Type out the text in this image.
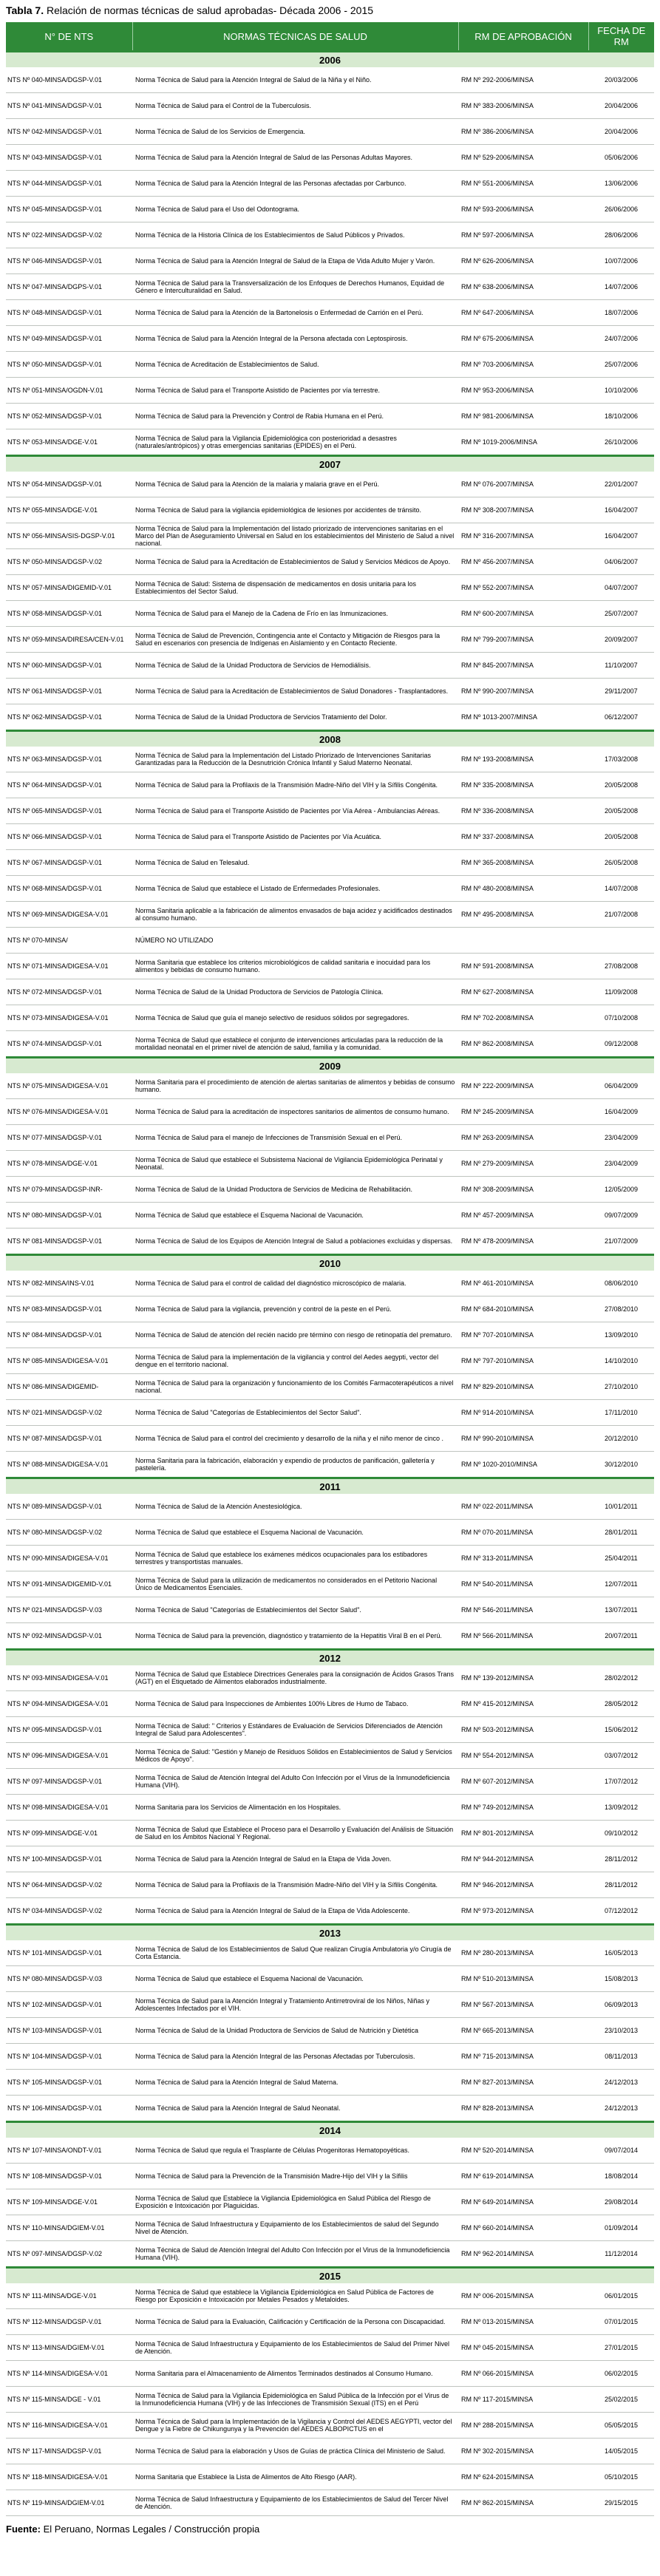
Tabla 7. Relación de normas técnicas de salud aprobadas- Década 2006 - 2015
N° DE NTS	NORMAS TÉCNICAS DE SALUD	RM DE APROBACIÓN	FECHA DE RM
2006			
NTS Nº 040-MINSA/DGSP-V.01	Norma Técnica de Salud para la Atención Integral de Salud de la Niña y el Niño.	RM Nº 292-2006/MINSA	20/03/2006
NTS Nº 041-MINSA/DGSP-V.01	Norma Técnica de Salud para el Control de la Tuberculosis.	RM Nº 383-2006/MINSA	20/04/2006
NTS Nº 042-MINSA/DGSP-V.01	Norma Técnica de Salud de los Servicios de Emergencia.	RM Nº 386-2006/MINSA	20/04/2006
NTS Nº 043-MINSA/DGSP-V.01	Norma Técnica de Salud para la Atención Integral de Salud de las Personas Adultas Mayores.	RM Nº 529-2006/MINSA	05/06/2006
NTS Nº 044-MINSA/DGSP-V.01	Norma Técnica de Salud para la Atención Integral de las Personas afectadas por Carbunco.	RM Nº 551-2006/MINSA	13/06/2006
NTS Nº 045-MINSA/DGSP-V.01	Norma Técnica de Salud para el Uso del Odontograma.	RM Nº 593-2006/MINSA	26/06/2006
NTS Nº 022-MINSA/DGSP-V.02	Norma Técnica de la Historia Clínica de los Establecimientos de Salud Públicos y Privados.	RM Nº 597-2006/MINSA	28/06/2006
NTS Nº 046-MINSA/DGSP-V.01	Norma Técnica de Salud para la Atención Integral de Salud de la Etapa de Vida Adulto Mujer y Varón.	RM Nº 626-2006/MINSA	10/07/2006
NTS Nº 047-MINSA/DGPS-V.01	Norma Técnica de Salud para la Transversalización de los Enfoques de Derechos Humanos, Equidad de Género e Interculturalidad en Salud.	RM Nº 638-2006/MINSA	14/07/2006
NTS Nº 048-MINSA/DGSP-V.01	Norma Técnica de Salud para la Atención de la Bartonelosis o Enfermedad de Carrión en el Perú.	RM Nº 647-2006/MINSA	18/07/2006
NTS Nº 049-MINSA/DGSP-V.01	Norma Técnica de Salud para la Atención Integral de la Persona afectada con Leptospirosis.	RM Nº 675-2006/MINSA	24/07/2006
NTS Nº 050-MINSA/DGSP-V.01	Norma Técnica de Acreditación de Establecimientos de Salud.	RM Nº 703-2006/MINSA	25/07/2006
NTS Nº 051-MINSA/OGDN-V.01	Norma Técnica de Salud para el Transporte Asistido de Pacientes por vía terrestre.	RM Nº 953-2006/MINSA	10/10/2006
NTS Nº 052-MINSA/DGSP-V.01	Norma Técnica de Salud para la Prevención y Control de Rabia Humana en el Perú.	RM Nº 981-2006/MINSA	18/10/2006
NTS Nº 053-MINSA/DGE-V.01	Norma Técnica de Salud para la Vigilancia Epidemiológica con posterioridad a desastres (naturales/antrópicos) y otras emergencias sanitarias (EPIDES) en el Perú.	RM Nº 1019-2006/MINSA	26/10/2006
2007			
NTS Nº 054-MINSA/DGSP-V.01	Norma Técnica de Salud para la Atención de la malaria y malaria grave en el Perú.	RM Nº 076-2007/MINSA	22/01/2007
NTS Nº 055-MINSA/DGE-V.01	Norma Técnica de Salud para la vigilancia epidemiológica de lesiones por accidentes de tránsito.	RM Nº 308-2007/MINSA	16/04/2007
NTS Nº 056-MINSA/SIS-DGSP-V.01	Norma Técnica de Salud para la Implementación del listado priorizado de intervenciones sanitarias en el Marco del Plan de Aseguramiento Universal en Salud en los establecimientos del Ministerio de Salud a nivel nacional.	RM Nº 316-2007/MINSA	16/04/2007
NTS Nº 050-MINSA/DGSP-V.02	Norma Técnica de Salud para la Acreditación de Establecimientos de Salud y Servicios Médicos de Apoyo.	RM Nº 456-2007/MINSA	04/06/2007
NTS Nº 057-MINSA/DIGEMID-V.01	Norma Técnica de Salud: Sistema de dispensación de medicamentos en dosis unitaria para los Establecimientos del Sector Salud.	RM Nº 552-2007/MINSA	04/07/2007
NTS Nº 058-MINSA/DGSP-V.01	Norma Técnica de Salud para el Manejo de la Cadena de Frío en las Inmunizaciones.	RM Nº 600-2007/MINSA	25/07/2007
NTS Nº 059-MINSA/DIRESA/CEN-V.01	Norma Técnica de Salud de Prevención, Contingencia ante el Contacto y Mitigación de Riesgos para la Salud en escenarios con presencia de Indígenas en Aislamiento y en Contacto Reciente.	RM Nº 799-2007/MINSA	20/09/2007
NTS Nº 060-MINSA/DGSP-V.01	Norma Técnica de Salud de la Unidad Productora de Servicios de Hemodiálisis.	RM Nº 845-2007/MINSA	11/10/2007
NTS Nº 061-MINSA/DGSP-V.01	Norma Técnica de Salud para la Acreditación de Establecimientos de Salud Donadores - Trasplantadores.	RM Nº 990-2007/MINSA	29/11/2007
NTS Nº 062-MINSA/DGSP-V.01	Norma Técnica de Salud de la Unidad Productora de Servicios Tratamiento del Dolor.	RM Nº 1013-2007/MINSA	06/12/2007
2008			
NTS Nº 063-MINSA/DGSP-V.01	Norma Técnica de Salud para la Implementación del Listado Priorizado de Intervenciones Sanitarias Garantizadas para la Reducción de la Desnutrición Crónica Infantil y Salud Materno Neonatal.	RM Nº 193-2008/MINSA	17/03/2008
NTS Nº 064-MINSA/DGSP-V.01	Norma Técnica de Salud para la Profilaxis de la Transmisión Madre-Niño del VIH y la Sífilis Congénita.	RM Nº 335-2008/MINSA	20/05/2008
NTS Nº 065-MINSA/DGSP-V.01	Norma Técnica de Salud para el Transporte Asistido de Pacientes por Vía Aérea - Ambulancias Aéreas.	RM Nº 336-2008/MINSA	20/05/2008
NTS Nº 066-MINSA/DGSP-V.01	Norma Técnica de Salud para el Transporte Asistido de Pacientes por Vía Acuática.	RM Nº 337-2008/MINSA	20/05/2008
NTS Nº 067-MINSA/DGSP-V.01	Norma Técnica de Salud en Telesalud.	RM Nº 365-2008/MINSA	26/05/2008
NTS Nº 068-MINSA/DGSP-V.01	Norma Técnica de Salud que establece el Listado de Enfermedades Profesionales.	RM Nº 480-2008/MINSA	14/07/2008
NTS Nº 069-MINSA/DIGESA-V.01	Norma Sanitaria aplicable a la fabricación de alimentos envasados de baja acidez y acidificados destinados al consumo humano.	RM Nº 495-2008/MINSA	21/07/2008
NTS Nº 070-MINSA/	NÚMERO NO UTILIZADO		
NTS Nº 071-MINSA/DIGESA-V.01	Norma Sanitaria que establece los criterios microbiológicos de calidad sanitaria e inocuidad para los alimentos y bebidas de consumo humano.	RM Nº 591-2008/MINSA	27/08/2008
NTS Nº 072-MINSA/DGSP-V.01	Norma Técnica de Salud de la Unidad Productora de Servicios de Patología Clínica.	RM Nº 627-2008/MINSA	11/09/2008
NTS Nº 073-MINSA/DIGESA-V.01	Norma Técnica de Salud que guía el manejo selectivo de residuos sólidos por segregadores.	RM Nº 702-2008/MINSA	07/10/2008
NTS Nº 074-MINSA/DGSP-V.01	Norma Técnica de Salud que establece el conjunto de intervenciones articuladas para la reducción de la mortalidad neonatal en el primer nivel de atención de salud, familia y la comunidad.	RM Nº 862-2008/MINSA	09/12/2008
2009			
NTS Nº 075-MINSA/DIGESA-V.01	Norma Sanitaria para el procedimiento de atención de alertas sanitarias de alimentos y bebidas de consumo humano.	RM Nº 222-2009/MINSA	06/04/2009
NTS Nº 076-MINSA/DIGESA-V.01	Norma Técnica de Salud para la acreditación de inspectores sanitarios de alimentos de consumo humano.	RM Nº 245-2009/MINSA	16/04/2009
NTS Nº 077-MINSA/DGSP-V.01	Norma Técnica de Salud para el manejo de Infecciones de Transmisión Sexual en el Perú.	RM Nº 263-2009/MINSA	23/04/2009
NTS Nº 078-MINSA/DGE-V.01	Norma Técnica de Salud que establece el Subsistema Nacional de Vigilancia Epidemiológica Perinatal y Neonatal.	RM Nº 279-2009/MINSA	23/04/2009
NTS Nº 079-MINSA/DGSP-INR-	Norma Técnica de Salud de la Unidad Productora de Servicios de Medicina de Rehabilitación.	RM Nº 308-2009/MINSA	12/05/2009
NTS Nº 080-MINSA/DGSP-V.01	Norma Técnica de Salud que establece el Esquema Nacional de Vacunación.	RM Nº 457-2009/MINSA	09/07/2009
NTS Nº 081-MINSA/DGSP-V.01	Norma Técnica de Salud de los Equipos de Atención Integral de Salud a poblaciones excluidas y dispersas.	RM Nº 478-2009/MINSA	21/07/2009
2010			
NTS Nº 082-MINSA/INS-V.01	Norma Técnica de Salud para el control de calidad del diagnóstico microscópico de malaria.	RM Nº 461-2010/MINSA	08/06/2010
NTS Nº 083-MINSA/DGSP-V.01	Norma Técnica de Salud para la vigilancia, prevención y control de la peste en el Perú.	RM Nº 684-2010/MINSA	27/08/2010
NTS Nº 084-MINSA/DGSP-V.01	Norma Técnica de Salud de atención del recién nacido pre término con riesgo de retinopatía del prematuro.	RM Nº 707-2010/MINSA	13/09/2010
NTS Nº 085-MINSA/DIGESA-V.01	Norma Técnica de Salud para la implementación de la vigilancia y control del Aedes aegypti, vector del dengue en el territorio nacional.	RM Nº 797-2010/MINSA	14/10/2010
NTS Nº 086-MINSA/DIGEMID-	Norma Técnica de Salud para la organización y funcionamiento de los Comités Farmacoterapéuticos a nivel nacional.	RM Nº 829-2010/MINSA	27/10/2010
NTS Nº 021-MINSA/DGSP-V.02	Norma Técnica de Salud "Categorías de Establecimientos del Sector Salud".	RM Nº 914-2010/MINSA	17/11/2010
NTS Nº 087-MINSA/DGSP-V.01	Norma Técnica de Salud para el control del crecimiento y desarrollo de la niña y el niño menor de cinco .	RM Nº 990-2010/MINSA	20/12/2010
NTS Nº 088-MINSA/DIGESA-V.01	Norma Sanitaria para la fabricación, elaboración y expendio de productos de panificación, galletería y pastelería.	RM Nº 1020-2010/MINSA	30/12/2010
2011			
NTS Nº 089-MINSA/DGSP-V.01	Norma Técnica de Salud de la Atención Anestesiológica.	RM Nº 022-2011/MINSA	10/01/2011
NTS Nº 080-MINSA/DGSP-V.02	Norma Técnica de Salud que establece el Esquema Nacional de Vacunación.	RM Nº 070-2011/MINSA	28/01/2011
NTS Nº 090-MINSA/DIGESA-V.01	Norma Técnica de Salud que establece los exámenes médicos ocupacionales para los estibadores terrestres y transportistas manuales.	RM Nº 313-2011/MINSA	25/04/2011
NTS Nº 091-MINSA/DIGEMID-V.01	Norma Técnica de Salud para la utilización de medicamentos no considerados en el Petitorio Nacional Único de Medicamentos Esenciales.	RM Nº 540-2011/MINSA	12/07/2011
NTS Nº 021-MINSA/DGSP-V.03	Norma Técnica de Salud "Categorías de Establecimientos del Sector Salud".	RM Nº 546-2011/MINSA	13/07/2011
NTS Nº 092-MINSA/DGSP-V.01	Norma Técnica de Salud para la prevención, diagnóstico y tratamiento de la Hepatitis Viral B en el Perú.	RM Nº 566-2011/MINSA	20/07/2011
2012			
NTS Nº 093-MINSA/DIGESA-V.01	Norma Técnica de Salud que Establece Directrices Generales para la consignación de Ácidos Grasos Trans (AGT) en el Etiquetado de Alimentos elaborados industrialmente.	RM Nº 139-2012/MINSA	28/02/2012
NTS Nº 094-MINSA/DIGESA-V.01	Norma Técnica de Salud para Inspecciones de Ambientes 100% Libres de Humo de Tabaco.	RM Nº 415-2012/MINSA	28/05/2012
NTS Nº 095-MINSA/DGSP-V.01	Norma Técnica de Salud: " Criterios y Estándares de Evaluación de Servicios Diferenciados de Atención Integral de Salud para Adolescentes".	RM Nº 503-2012/MINSA	15/06/2012
NTS Nº 096-MINSA/DIGESA-V.01	Norma Técnica de Salud: "Gestión y Manejo de Residuos Sólidos en Establecimientos de Salud y Servicios Médicos de Apoyo".	RM Nº 554-2012/MINSA	03/07/2012
NTS Nº 097-MINSA/DGSP-V.01	Norma Técnica de Salud de Atención Integral del Adulto Con Infección por el Virus de la Inmunodeficiencia Humana (VIH).	RM Nº 607-2012/MINSA	17/07/2012
NTS Nº 098-MINSA/DIGESA-V.01	Norma Sanitaria para los Servicios de Alimentación en los Hospitales.	RM Nº 749-2012/MINSA	13/09/2012
NTS Nº 099-MINSA/DGE-V.01	Norma Técnica de Salud que Establece el Proceso para el Desarrollo y Evaluación del Análisis de Situación de Salud en los Ámbitos Nacional Y Regional.	RM Nº 801-2012/MINSA	09/10/2012
NTS Nº 100-MINSA/DGSP-V.01	Norma Técnica de Salud para la Atención Integral de Salud en la Etapa de Vida Joven.	RM Nº 944-2012/MINSA	28/11/2012
NTS Nº 064-MINSA/DGSP-V.02	Norma Técnica de Salud para la Profilaxis de la Transmisión Madre-Niño del VIH y la Sífilis Congénita.	RM Nº 946-2012/MINSA	28/11/2012
NTS Nº 034-MINSA/DGSP-V.02	Norma Técnica de Salud para la Atención Integral de Salud de la Etapa de Vida Adolescente.	RM Nº 973-2012/MINSA	07/12/2012
2013			
NTS Nº 101-MINSA/DGSP-V.01	Norma Técnica de Salud de los Establecimientos de Salud Que realizan Cirugía Ambulatoria y/o Cirugía de Corta Estancia.	RM Nº 280-2013/MINSA	16/05/2013
NTS Nº 080-MINSA/DGSP-V.03	Norma Técnica de Salud que establece el Esquema Nacional de Vacunación.	RM Nº 510-2013/MINSA	15/08/2013
NTS Nº 102-MINSA/DGSP-V.01	Norma Técnica de Salud para la Atención Integral y Tratamiento Antirretroviral de los Niños, Niñas y Adolescentes Infectados por el VIH.	RM Nº 567-2013/MINSA	06/09/2013
NTS Nº 103-MINSA/DGSP-V.01	Norma Técnica de Salud de la Unidad Productora de Servicios de Salud de Nutrición y Dietética	RM Nº 665-2013/MINSA	23/10/2013
NTS Nº 104-MINSA/DGSP-V.01	Norma Técnica de Salud para la Atención Integral de las Personas Afectadas por Tuberculosis.	RM Nº 715-2013/MINSA	08/11/2013
NTS Nº 105-MINSA/DGSP-V.01	Norma Técnica de Salud para la Atención Integral de Salud Materna.	RM Nº 827-2013/MINSA	24/12/2013
NTS Nº 106-MINSA/DGSP-V.01	Norma Técnica de Salud para la Atención Integral de Salud Neonatal.	RM Nº 828-2013/MINSA	24/12/2013
2014			
NTS Nº 107-MINSA/ONDT-V.01	Norma Técnica de Salud que regula el Trasplante de Células Progenitoras Hematopoyéticas.	RM Nº 520-2014/MINSA	09/07/2014
NTS Nº 108-MINSA/DGSP-V.01	Norma Técnica de Salud para la Prevención de la Transmisión Madre-Hijo del VIH y la Sífilis	RM Nº 619-2014/MINSA	18/08/2014
NTS Nº 109-MINSA/DGE-V.01	Norma Técnica de Salud que Establece la Vigilancia Epidemiológica en Salud Pública del Riesgo de Exposición e Intoxicación por Plaguicidas.	RM Nº 649-2014/MINSA	29/08/2014
NTS Nº 110-MINSA/DGIEM-V.01	Norma Técnica de Salud Infraestructura y Equipamiento de los Establecimientos de salud del Segundo Nivel de Atención.	RM Nº 660-2014/MINSA	01/09/2014
NTS Nº 097-MINSA/DGSP-V.02	Norma Técnica de Salud de Atención Integral del Adulto Con Infección por el Virus de la Inmunodeficiencia Humana (VIH).	RM Nº 962-2014/MINSA	11/12/2014
2015			
NTS Nº 111-MINSA/DGE-V.01	Norma Técnica de Salud que establece la Vigilancia Epidemiológica en Salud Pública de Factores de Riesgo por Exposición e Intoxicación por Metales Pesados y Metaloides.	RM Nº 006-2015/MINSA	06/01/2015
NTS Nº 112-MINSA/DGSP-V.01	Norma Técnica de Salud para la Evaluación, Calificación y Certificación de la Persona con Discapacidad.	RM Nº 013-2015/MINSA	07/01/2015
NTS Nº 113-MINSA/DGIEM-V.01	Norma Técnica de Salud Infraestructura y Equipamiento de los Establecimientos de Salud del Primer Nivel de Atención.	RM Nº 045-2015/MINSA	27/01/2015
NTS Nº 114-MINSA/DIGESA-V.01	Norma Sanitaria para el Almacenamiento de Alimentos Terminados destinados al Consumo Humano.	RM Nº 066-2015/MINSA	06/02/2015
NTS Nº 115-MINSA/DGE - V.01	Norma Técnica de Salud para la Vigilancia Epidemiológica en Salud Pública de la Infección por el Virus de la Inmunodeficiencia Humana (VIH) y de las Infecciones de Transmisión Sexual (ITS) en el Perú	RM Nº 117-2015/MINSA	25/02/2015
NTS Nº 116-MINSA/DIGESA-V.01	Norma Técnica de Salud para la Implementación de la Vigilancia y Control del AEDES AEGYPTI, vector del Dengue y la Fiebre de Chikungunya y la Prevención del AEDES ALBOPICTUS en el	RM Nº 288-2015/MINSA	05/05/2015
NTS Nº 117-MINSA/DGSP-V.01	Norma Técnica de Salud para la elaboración y Usos de Guías de práctica Clínica del Ministerio de Salud.	RM Nº 302-2015/MINSA	14/05/2015
NTS Nº 118-MINSA/DIGESA-V.01	Norma Sanitaria que Establece la Lista de Alimentos de Alto Riesgo (AAR).	RM Nº 624-2015/MINSA	05/10/2015
NTS Nº 119-MINSA/DGIEM-V.01	Norma Técnica de Salud Infraestructura y Equipamiento de los Establecimientos de Salud del Tercer Nivel de Atención.	RM Nº 862-2015/MINSA	29/15/2015
Fuente: El Peruano, Normas Legales / Construcción propia
